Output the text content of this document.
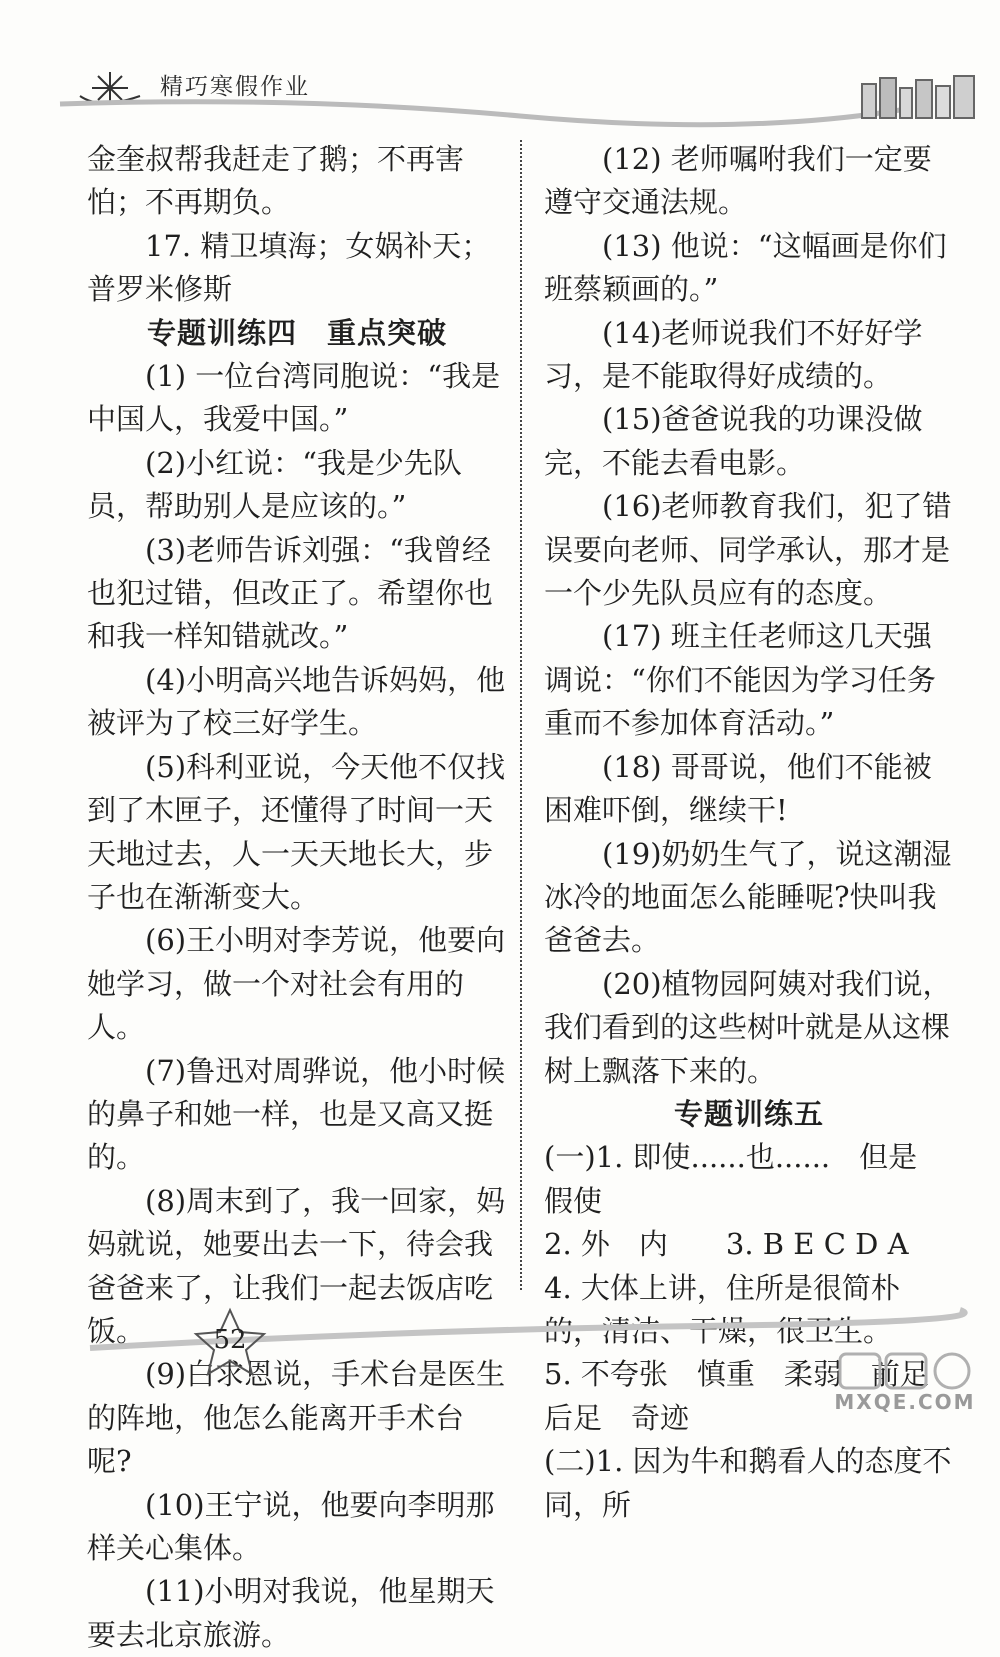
精巧寒假作业

金奎叔帮我赶走了鹅；不再害怕；不再期负。

17. 精卫填海；女娲补天；普罗米修斯

专题训练四　重点突破

(1) 一位台湾同胞说：“我是中国人，我爱中国。”

(2)小红说：“我是少先队员，帮助别人是应该的。”

(3)老师告诉刘强：“我曾经也犯过错，但改正了。希望你也和我一样知错就改。”

(4)小明高兴地告诉妈妈，他被评为了校三好学生。

(5)科利亚说，今天他不仅找到了木匣子，还懂得了时间一天天地过去，人一天天地长大，步子也在渐渐变大。

(6)王小明对李芳说，他要向她学习，做一个对社会有用的人。

(7)鲁迅对周骅说，他小时候的鼻子和她一样，也是又高又挺的。

(8)周末到了，我一回家，妈妈就说，她要出去一下，待会我爸爸来了，让我们一起去饭店吃饭。

(9)白求恩说，手术台是医生的阵地，他怎么能离开手术台呢?

(10)王宁说，他要向李明那样关心集体。

(11)小明对我说，他星期天要去北京旅游。

(12) 老师嘱咐我们一定要遵守交通法规。

(13) 他说：“这幅画是你们班蔡颖画的。”

(14)老师说我们不好好学习，是不能取得好成绩的。

(15)爸爸说我的功课没做完，不能去看电影。

(16)老师教育我们，犯了错误要向老师、同学承认，那才是一个少先队员应有的态度。

(17) 班主任老师这几天强调说：“你们不能因为学习任务重而不参加体育活动。”

(18) 哥哥说，他们不能被困难吓倒，继续干!

(19)奶奶生气了，说这潮湿冰冷的地面怎么能睡呢?快叫我爸爸去。

(20)植物园阿姨对我们说，我们看到的这些树叶就是从这棵树上飘落下来的。

专题训练五

(一)1. 即使......也......　但是　　假使

2. 外　内　　3. B E C D A

4. 大体上讲，住所是很简朴的，清洁、干燥，很卫生。

5. 不夸张　慎重　柔弱　前足　后足　奇迹

(二)1. 因为牛和鹅看人的态度不同，所

52
MXQE.COM
